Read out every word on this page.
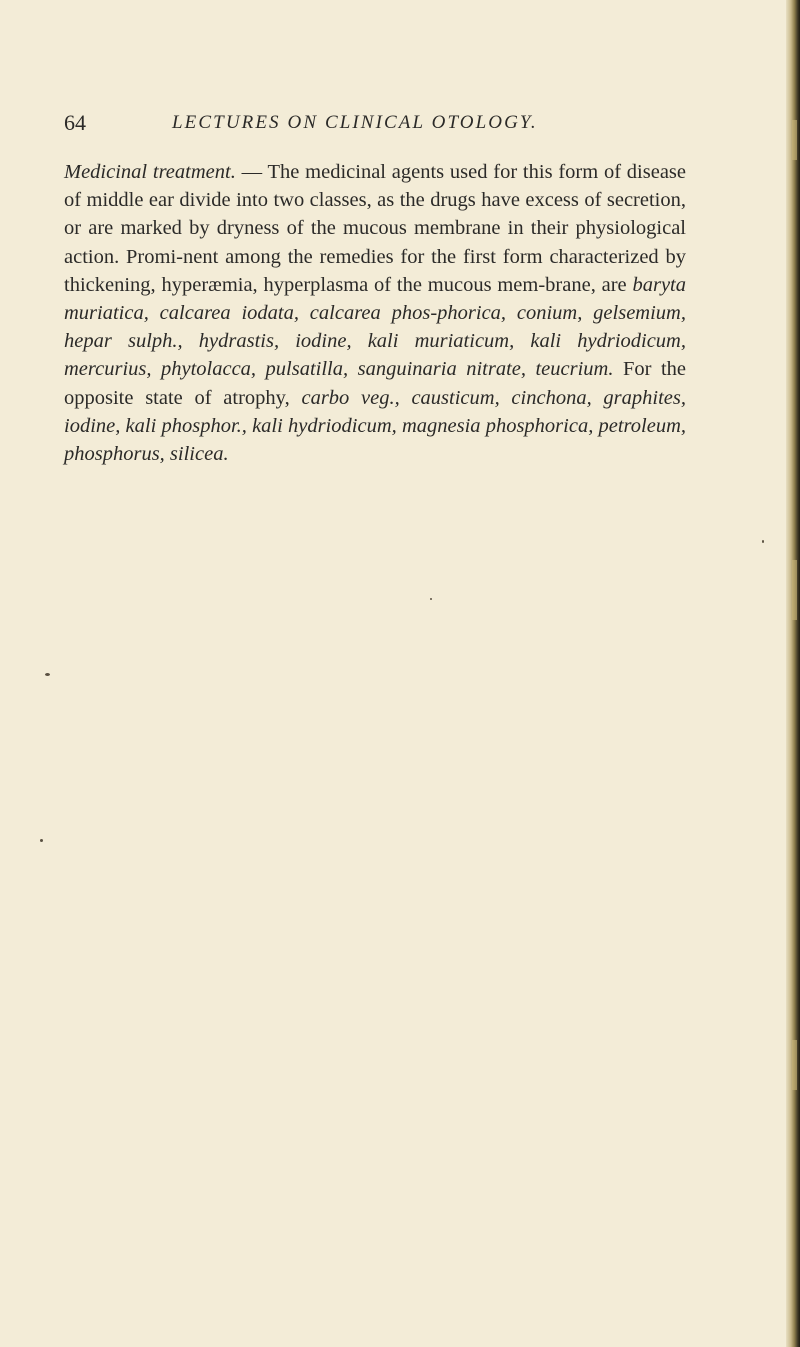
64	LECTURES ON CLINICAL OTOLOGY.

Medicinal treatment. — The medicinal agents used for this form of disease of middle ear divide into two classes, as the drugs have excess of secretion, or are marked by dryness of the mucous membrane in their physiological action. Promi-nent among the remedies for the first form characterized by thickening, hyperæmia, hyperplasma of the mucous mem-brane, are baryta muriatica, calcarea iodata, calcarea phos-phorica, conium, gelsemium, hepar sulph., hydrastis, iodine, kali muriaticum, kali hydriodicum, mercurius, phytolacca, pulsatilla, sanguinaria nitrate, teucrium. For the opposite state of atrophy, carbo veg., causticum, cinchona, graphites, iodine, kali phosphor., kali hydriodicum, magnesia phosphorica, petroleum, phosphorus, silicea.
